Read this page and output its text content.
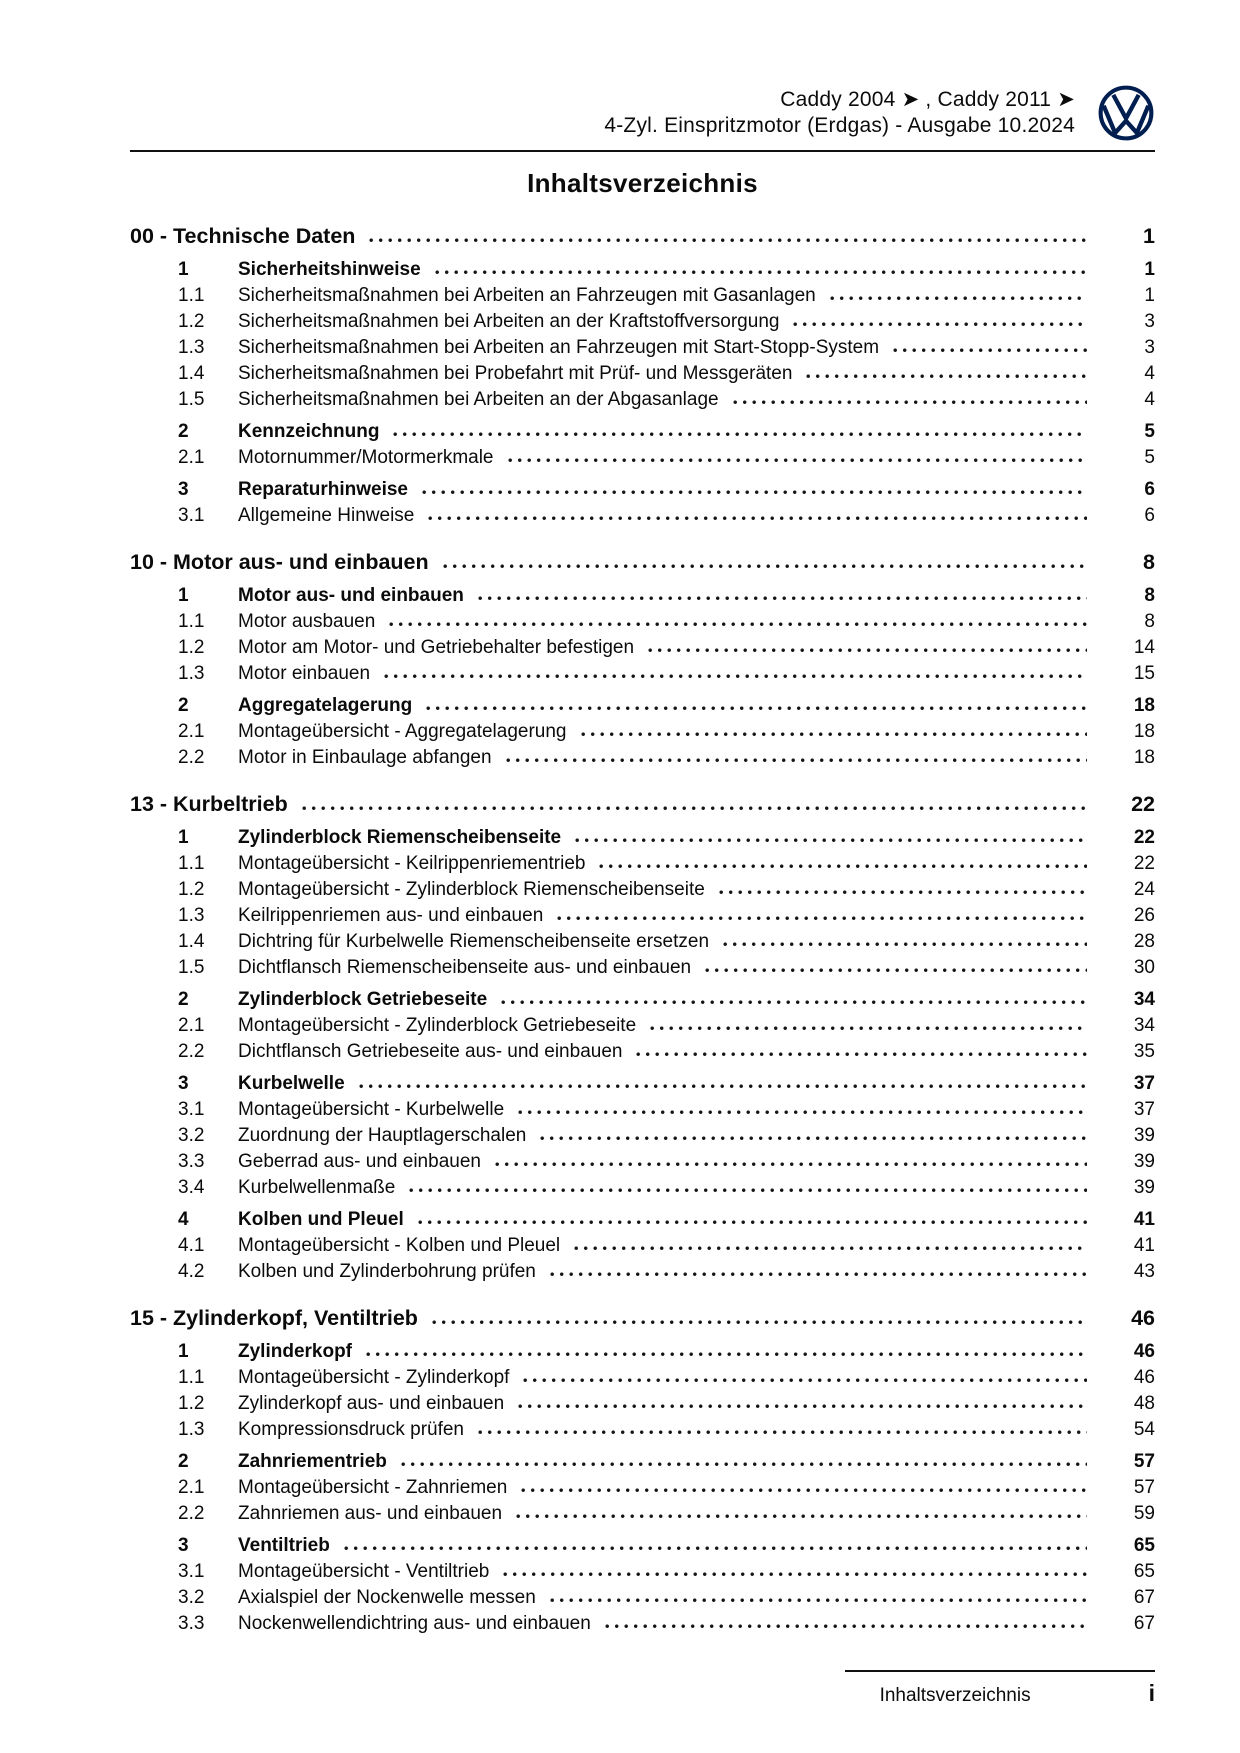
Caddy 2004 ➤ , Caddy 2011 ➤
4-Zyl. Einspritzmotor (Erdgas) - Ausgabe 10.2024
Inhaltsverzeichnis
00 - Technische Daten	1
1	Sicherheitshinweise	1
1.1	Sicherheitsmaßnahmen bei Arbeiten an Fahrzeugen mit Gasanlagen	1
1.2	Sicherheitsmaßnahmen bei Arbeiten an der Kraftstoffversorgung	3
1.3	Sicherheitsmaßnahmen bei Arbeiten an Fahrzeugen mit Start-Stopp-System	3
1.4	Sicherheitsmaßnahmen bei Probefahrt mit Prüf- und Messgeräten	4
1.5	Sicherheitsmaßnahmen bei Arbeiten an der Abgasanlage	4
2	Kennzeichnung	5
2.1	Motornummer/Motormerkmale	5
3	Reparaturhinweise	6
3.1	Allgemeine Hinweise	6
10 - Motor aus- und einbauen	8
1	Motor aus- und einbauen	8
1.1	Motor ausbauen	8
1.2	Motor am Motor- und Getriebehalter befestigen	14
1.3	Motor einbauen	15
2	Aggregatelagerung	18
2.1	Montageübersicht - Aggregatelagerung	18
2.2	Motor in Einbaulage abfangen	18
13 - Kurbeltrieb	22
1	Zylinderblock Riemenscheibenseite	22
1.1	Montageübersicht - Keilrippenriementrieb	22
1.2	Montageübersicht - Zylinderblock Riemenscheibenseite	24
1.3	Keilrippenriemen aus- und einbauen	26
1.4	Dichtring für Kurbelwelle Riemenscheibenseite ersetzen	28
1.5	Dichtflansch Riemenscheibenseite aus- und einbauen	30
2	Zylinderblock Getriebeseite	34
2.1	Montageübersicht - Zylinderblock Getriebeseite	34
2.2	Dichtflansch Getriebeseite aus- und einbauen	35
3	Kurbelwelle	37
3.1	Montageübersicht - Kurbelwelle	37
3.2	Zuordnung der Hauptlagerschalen	39
3.3	Geberrad aus- und einbauen	39
3.4	Kurbelwellenmaße	39
4	Kolben und Pleuel	41
4.1	Montageübersicht - Kolben und Pleuel	41
4.2	Kolben und Zylinderbohrung prüfen	43
15 - Zylinderkopf, Ventiltrieb	46
1	Zylinderkopf	46
1.1	Montageübersicht - Zylinderkopf	46
1.2	Zylinderkopf aus- und einbauen	48
1.3	Kompressionsdruck prüfen	54
2	Zahnriementrieb	57
2.1	Montageübersicht - Zahnriemen	57
2.2	Zahnriemen aus- und einbauen	59
3	Ventiltrieb	65
3.1	Montageübersicht - Ventiltrieb	65
3.2	Axialspiel der Nockenwelle messen	67
3.3	Nockenwellendichtring aus- und einbauen	67
Inhaltsverzeichnis	i
